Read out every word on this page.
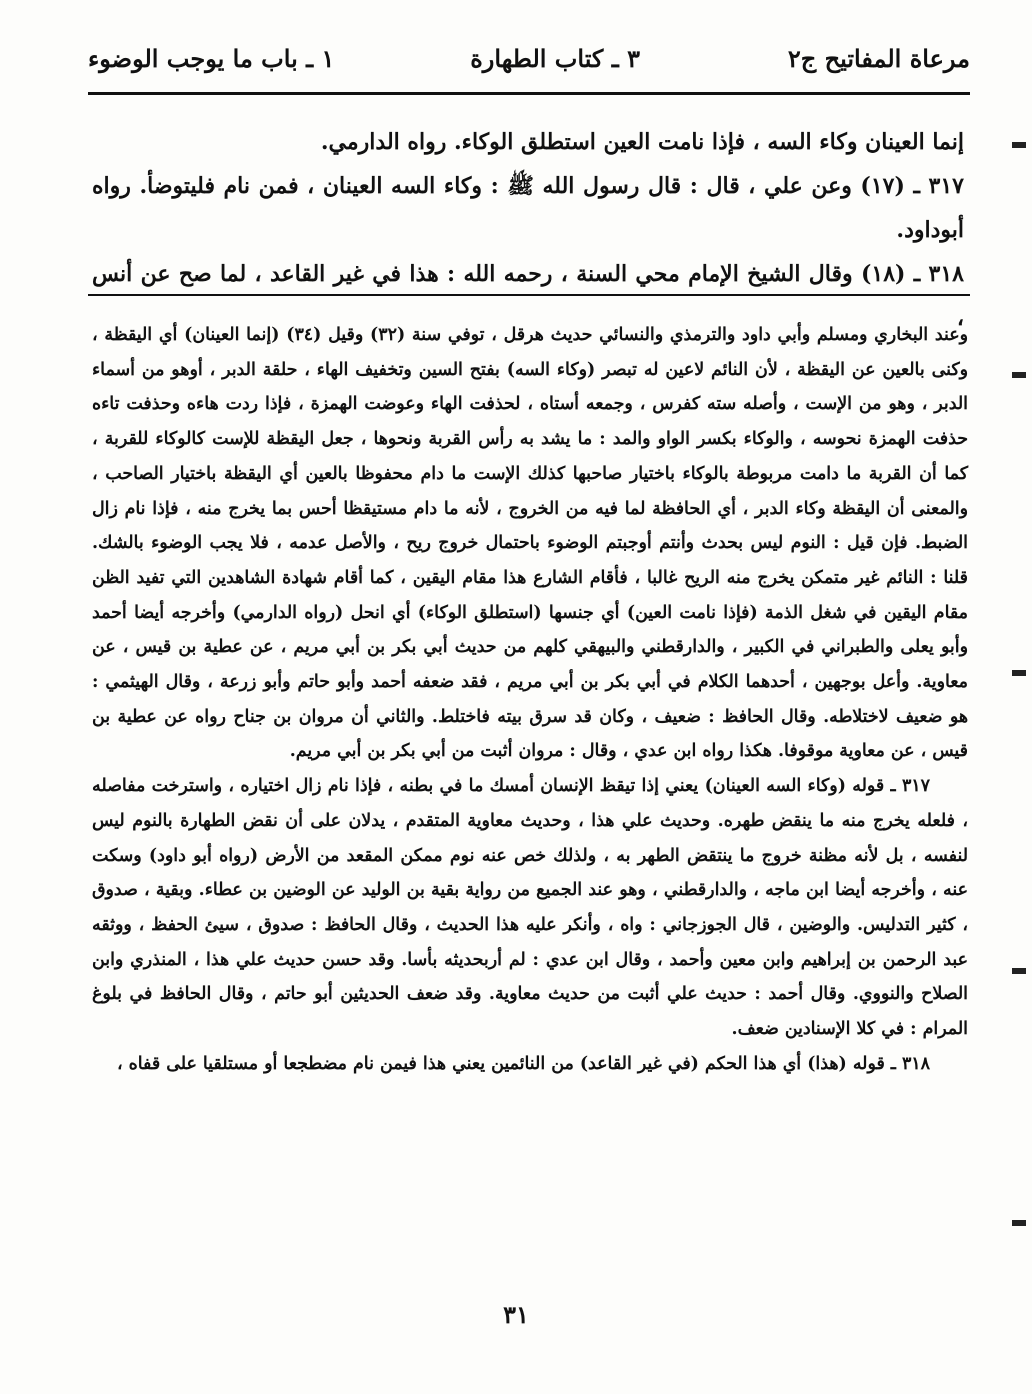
مرعاة المفاتيح ج٢
٣ ـ كتاب الطهارة
١ ـ باب ما يوجب الوضوء

إنما العينان وكاء السه ، فإذا نامت العين استطلق الوكاء. رواه الدارمي.

٣١٧ ـ (١٧) وعن علي ، قال : قال رسول الله ﷺ : وكاء السه العينان ، فمن نام فليتوضأ. رواه أبوداود.

٣١٨ ـ (١٨) وقال الشيخ الإمام محي السنة ، رحمه الله : هذا في غير القاعد ، لما صح عن أنس ،

وعند البخاري ومسلم وأبي داود والترمذي والنسائي حديث هرقل ، توفي سنة (٣٢) وقيل (٣٤) (إنما العينان) أي اليقظة ، وكنى بالعين عن اليقظة ، لأن النائم لاعين له تبصر (وكاء السه) بفتح السين وتخفيف الهاء ، حلقة الدبر ، أوهو من أسماء الدبر ، وهو من الإست ، وأصله سته كفرس ، وجمعه أستاه ، لحذفت الهاء وعوضت الهمزة ، فإذا ردت هاءه وحذفت تاءه حذفت الهمزة نحوسه ، والوكاء بكسر الواو والمد : ما يشد به رأس القربة ونحوها ، جعل اليقظة للإست كالوكاء للقربة ، كما أن القربة ما دامت مربوطة بالوكاء باختيار صاحبها كذلك الإست ما دام محفوظا بالعين أي اليقظة باختيار الصاحب ، والمعنى أن اليقظة وكاء الدبر ، أي الحافظة لما فيه من الخروج ، لأنه ما دام مستيقظا أحس بما يخرج منه ، فإذا نام زال الضبط. فإن قيل : النوم ليس بحدث وأنتم أوجبتم الوضوء باحتمال خروج ريح ، والأصل عدمه ، فلا يجب الوضوء بالشك. قلنا : النائم غير متمكن يخرج منه الريح غالبا ، فأقام الشارع هذا مقام اليقين ، كما أقام شهادة الشاهدين التي تفيد الظن مقام اليقين في شغل الذمة (فإذا نامت العين) أي جنسها (استطلق الوكاء) أي انحل (رواه الدارمي) وأخرجه أيضا أحمد وأبو يعلى والطبراني في الكبير ، والدارقطني والبيهقي كلهم من حديث أبي بكر بن أبي مريم ، عن عطية بن قيس ، عن معاوية. وأعل بوجهين ، أحدهما الكلام في أبي بكر بن أبي مريم ، فقد ضعفه أحمد وأبو حاتم وأبو زرعة ، وقال الهيثمي : هو ضعيف لاختلاطه. وقال الحافظ : ضعيف ، وكان قد سرق بيته فاختلط. والثاني أن مروان بن جناح رواه عن عطية بن قيس ، عن معاوية موقوفا. هكذا رواه ابن عدي ، وقال : مروان أثبت من أبي بكر بن أبي مريم.

٣١٧ ـ قوله (وكاء السه العينان) يعني إذا تيقظ الإنسان أمسك ما في بطنه ، فإذا نام زال اختياره ، واسترخت مفاصله ، فلعله يخرج منه ما ينقض طهره. وحديث علي هذا ، وحديث معاوية المتقدم ، يدلان على أن نقض الطهارة بالنوم ليس لنفسه ، بل لأنه مظنة خروج ما ينتقض الطهر به ، ولذلك خص عنه نوم ممكن المقعد من الأرض (رواه أبو داود) وسكت عنه ، وأخرجه أيضا ابن ماجه ، والدارقطني ، وهو عند الجميع من رواية بقية بن الوليد عن الوضين بن عطاء. وبقية ، صدوق ، كثير التدليس. والوضين ، قال الجوزجاني : واه ، وأنكر عليه هذا الحديث ، وقال الحافظ : صدوق ، سيئ الحفظ ، ووثقه عبد الرحمن بن إبراهيم وابن معين وأحمد ، وقال ابن عدي : لم أربحديثه بأسا. وقد حسن حديث علي هذا ، المنذري وابن الصلاح والنووي. وقال أحمد : حديث علي أثبت من حديث معاوية. وقد ضعف الحديثين أبو حاتم ، وقال الحافظ في بلوغ المرام : في كلا الإسنادين ضعف.

٣١٨ ـ قوله (هذا) أي هذا الحكم (في غير القاعد) من النائمين يعني هذا فيمن نام مضطجعا أو مستلقيا على قفاه ،

٣١
